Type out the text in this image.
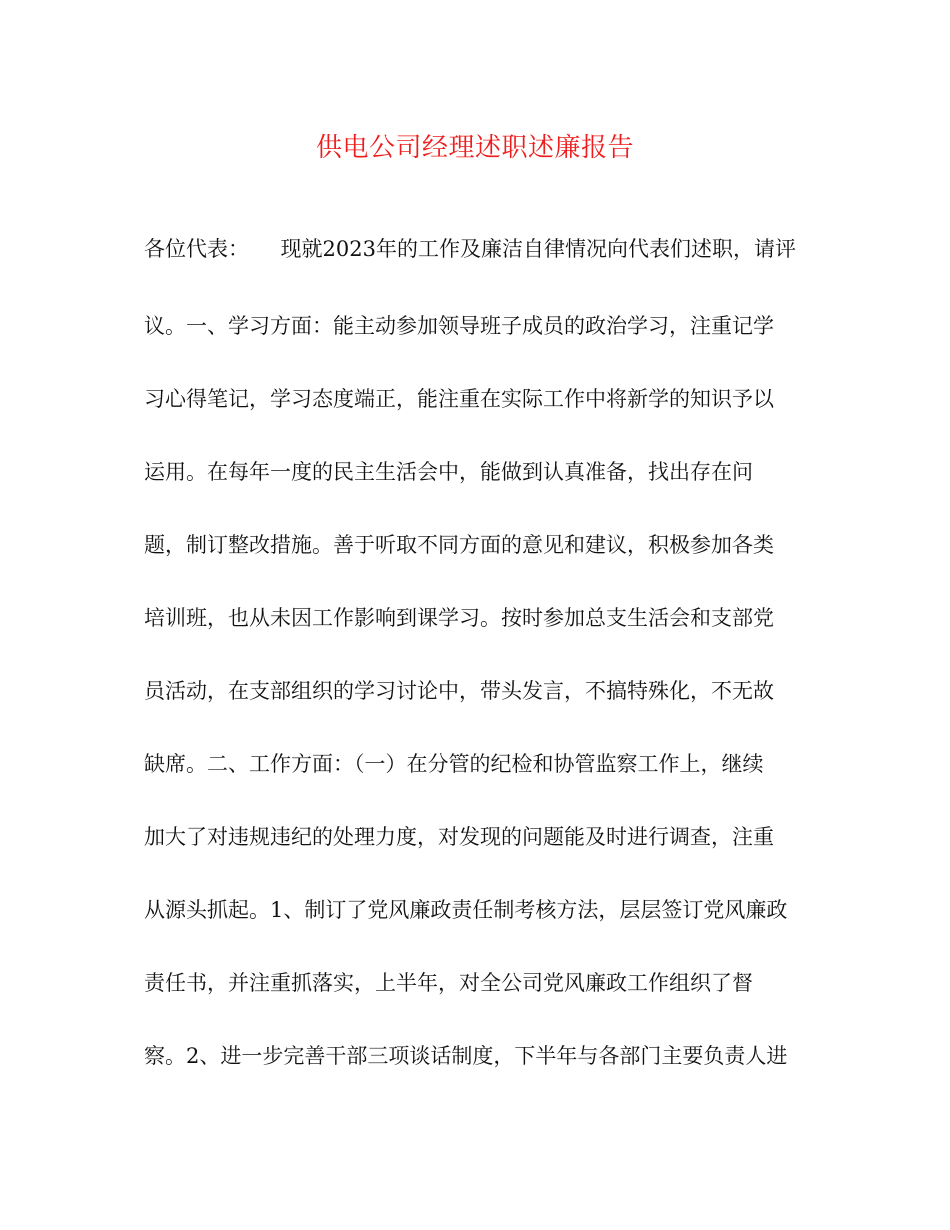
供电公司经理述职述廉报告
各位代表：　　现就2023年的工作及廉洁自律情况向代表们述职，请评
议。一、学习方面：能主动参加领导班子成员的政治学习，注重记学
习心得笔记，学习态度端正，能注重在实际工作中将新学的知识予以
运用。在每年一度的民主生活会中，能做到认真准备，找出存在问
题，制订整改措施。善于听取不同方面的意见和建议，积极参加各类
培训班，也从未因工作影响到课学习。按时参加总支生活会和支部党
员活动，在支部组织的学习讨论中，带头发言，不搞特殊化，不无故
缺席。二、工作方面：（一）在分管的纪检和协管监察工作上，继续
加大了对违规违纪的处理力度，对发现的问题能及时进行调查，注重
从源头抓起。1、制订了党风廉政责任制考核方法，层层签订党风廉政
责任书，并注重抓落实，上半年，对全公司党风廉政工作组织了督
察。2、进一步完善干部三项谈话制度，下半年与各部门主要负责人进
